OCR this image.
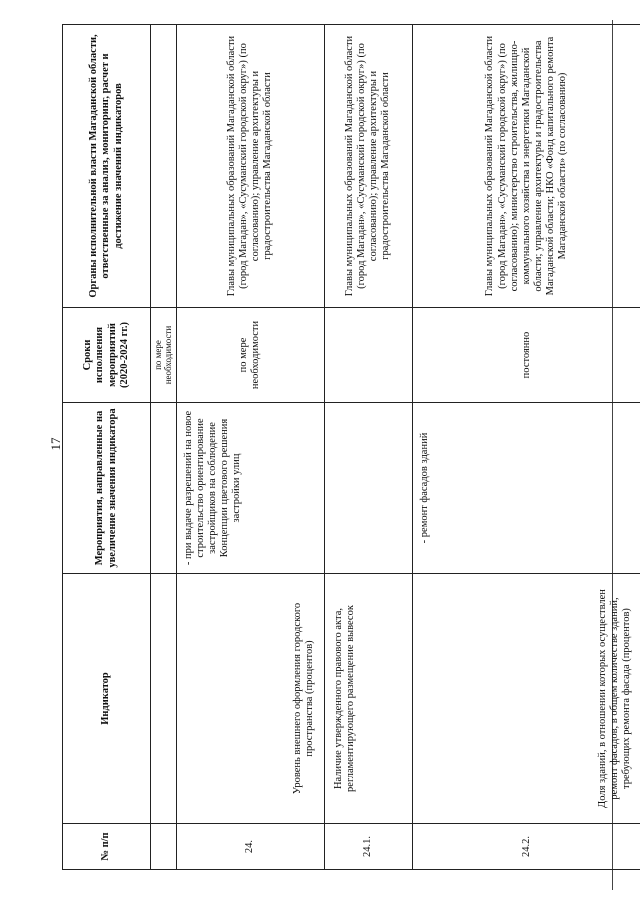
17
№ п/п	Индикатор	Мероприятия, направленные на увеличение значения индикатора	Сроки исполнения мероприятий (2020-2024 гг.)	Органы исполнительной власти Магаданской области, ответственные за анализ, мониторинг, расчет и достижение значений индикаторов
			по мере необходимости	
24.	Уровень внешнего оформления городского пространства (процентов)	- при выдаче разрешений на новое строительство ориентирование застройщиков на соблюдение Концепции цветового решения застройки улиц	по мере необходимости	Главы муниципальных образований Магаданской области (город Магадан», «Сусуманский городской округ») (по согласованию); управление архитектуры и градостроительства Магаданской области
24.1.	Наличие утвержденного правового акта, регламентирующего размещение вывесок			Главы муниципальных образований Магаданской области (город Магадан», «Сусуманский городской округ») (по согласованию); управление архитектуры и градостроительства Магаданской области
24.2.	Доля зданий, в отношении которых осуществлен ремонт фасадов, в общем количестве зданий, требующих ремонта фасада (процентов)	- ремонт фасадов зданий	постоянно	Главы муниципальных образований Магаданской области (город Магадан», «Сусуманский городской округ») (по согласованию); министерство строительства, жилищно-коммунального хозяйства и энергетики Магаданской области; управление архитектуры и градостроительства Магаданской области; НКО «Фонд капитального ремонта Магаданской области» (по согласованию)
